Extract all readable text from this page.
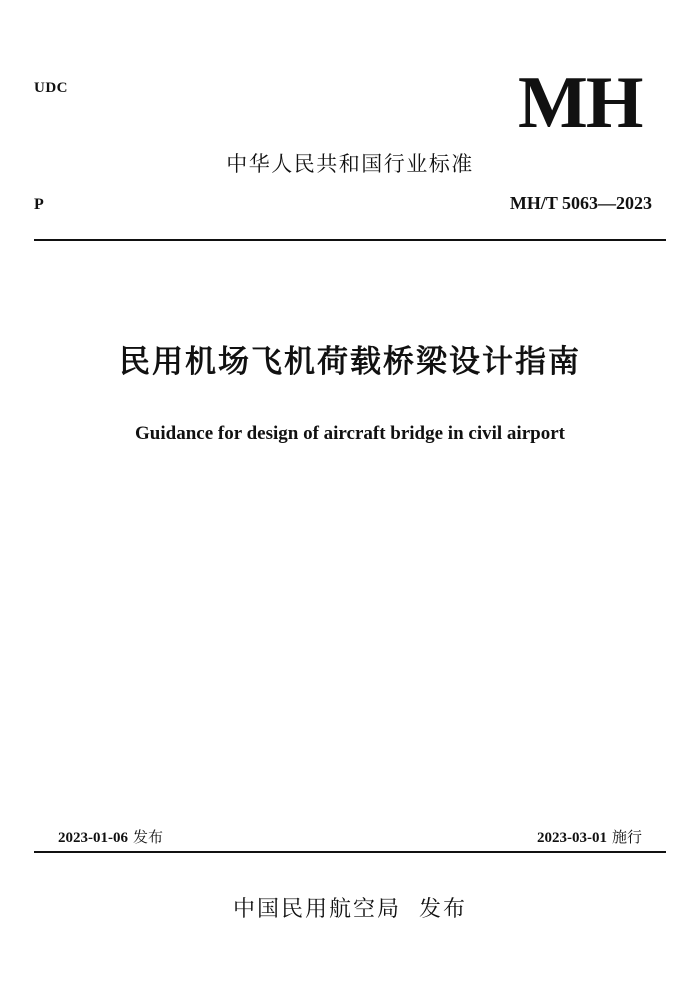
UDC	MH
中华人民共和国行业标准
P	MH/T 5063—2023
民用机场飞机荷载桥梁设计指南
Guidance for design of aircraft bridge in civil airport
2023-01-06 发布	2023-03-01 施行
中国民用航空局  发布
